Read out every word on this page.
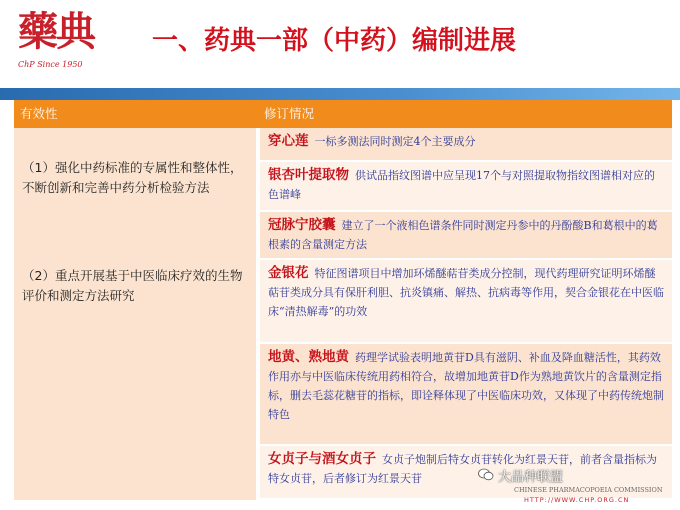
藥典
ChP Since 1950
一、药典一部（中药）编制进展
有效性	修订情况
（1）强化中药标准的专属性和整体性，不断创新和完善中药分析检验方法
（2）重点开展基于中医临床疗效的生物评价和测定方法研究
穿心莲 一标多测法同时测定4个主要成分
银杏叶提取物 供试品指纹图谱中应呈现17个与对照提取物指纹图谱相对应的色谱峰
冠脉宁胶囊 建立了一个液相色谱条件同时测定丹参中的丹酚酸B和葛根中的葛根素的含量测定方法
金银花 特征图谱项目中增加环烯醚萜苷类成分控制，现代药理研究证明环烯醚萜苷类成分具有保肝利胆、抗炎镇痛、解热、抗病毒等作用，契合金银花在中医临床“清热解毒”的功效
地黄、熟地黄 药理学试验表明地黄苷D具有滋阴、补血及降血糖活性，其药效作用亦与中医临床传统用药相符合，故增加地黄苷D作为熟地黄饮片的含量测定指标，删去毛蕊花糖苷的指标，即诠释体现了中医临床功效，又体现了中药传统炮制特色
女贞子与酒女贞子 女贞子炮制后特女贞苷转化为红景天苷，前者含量指标为特女贞苷，后者修订为红景天苷	大品种联盟
CHINESE PHARMACOPOEIA COMMISSION
HTTP://WWW.CHP.ORG.CN
